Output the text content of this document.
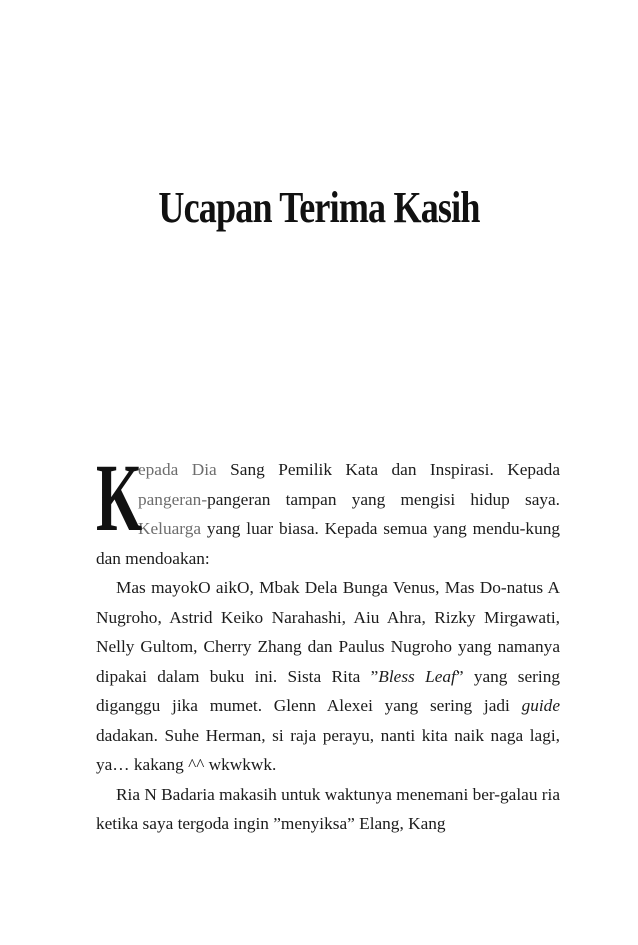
Ucapan Terima Kasih

K
epada Dia Sang Pemilik Kata dan Inspirasi. Kepada pangeran-pangeran tampan yang mengisi hidup saya. Keluarga yang luar biasa. Kepada semua yang mendu-kung dan mendoakan:

Mas mayokO aikO, Mbak Dela Bunga Venus, Mas Do-natus A Nugroho, Astrid Keiko Narahashi, Aiu Ahra, Rizky Mirgawati, Nelly Gultom, Cherry Zhang dan Paulus Nugroho yang namanya dipakai dalam buku ini. Sista Rita ”Bless Leaf” yang sering diganggu jika mumet. Glenn Alexei yang sering jadi guide dadakan. Suhe Herman, si raja perayu, nanti kita naik naga lagi, ya… kakang ^^ wkwkwk.

Ria N Badaria makasih untuk waktunya menemani ber-galau ria ketika saya tergoda ingin ”menyiksa” Elang, Kang
